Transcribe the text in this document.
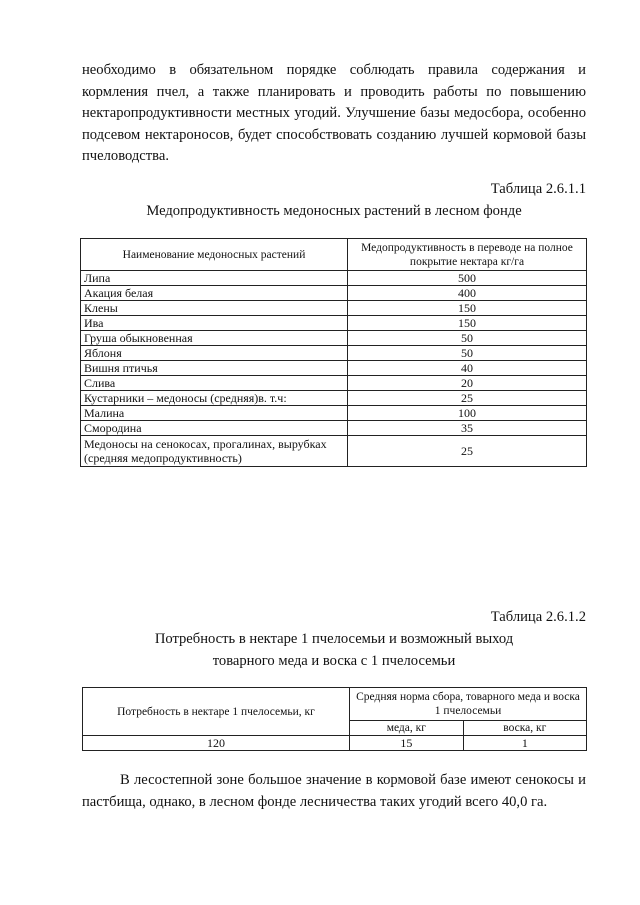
необходимо в обязательном порядке соблюдать правила содержания и кормления пчел, а также планировать и проводить работы по повышению нектаропродуктивности местных угодий. Улучшение базы медосбора, особенно подсевом нектароносов, будет способствовать созданию лучшей кормовой базы пчеловодства.

Таблица 2.6.1.1
Медопродуктивность медоносных растений в лесном фонде
Наименование медоносных растений	Медопродуктивность в переводе на полное покрытие нектара кг/га
Липа	500
Акация белая	400
Клены	150
Ива	150
Груша обыкновенная	50
Яблоня	50
Вишня птичья	40
Слива	20
Кустарники – медоносы (средняя)в. т.ч:	25
Малина	100
Смородина	35
Медоносы на сенокосах, прогалинах, вырубках (средняя медопродуктивность)	25
Таблица 2.6.1.2
Потребность в нектаре 1 пчелосемьи и возможный выход
товарного меда и воска с 1 пчелосемьи
Потребность в нектаре 1 пчелосемьи, кг	Средняя норма сбора, товарного меда и воска 1 пчелосемьи	
	меда, кг	воска, кг
120	15	1

В лесостепной зоне большое значение в кормовой базе имеют сенокосы и пастбища, однако, в лесном фонде лесничества таких угодий всего 40,0 га.
